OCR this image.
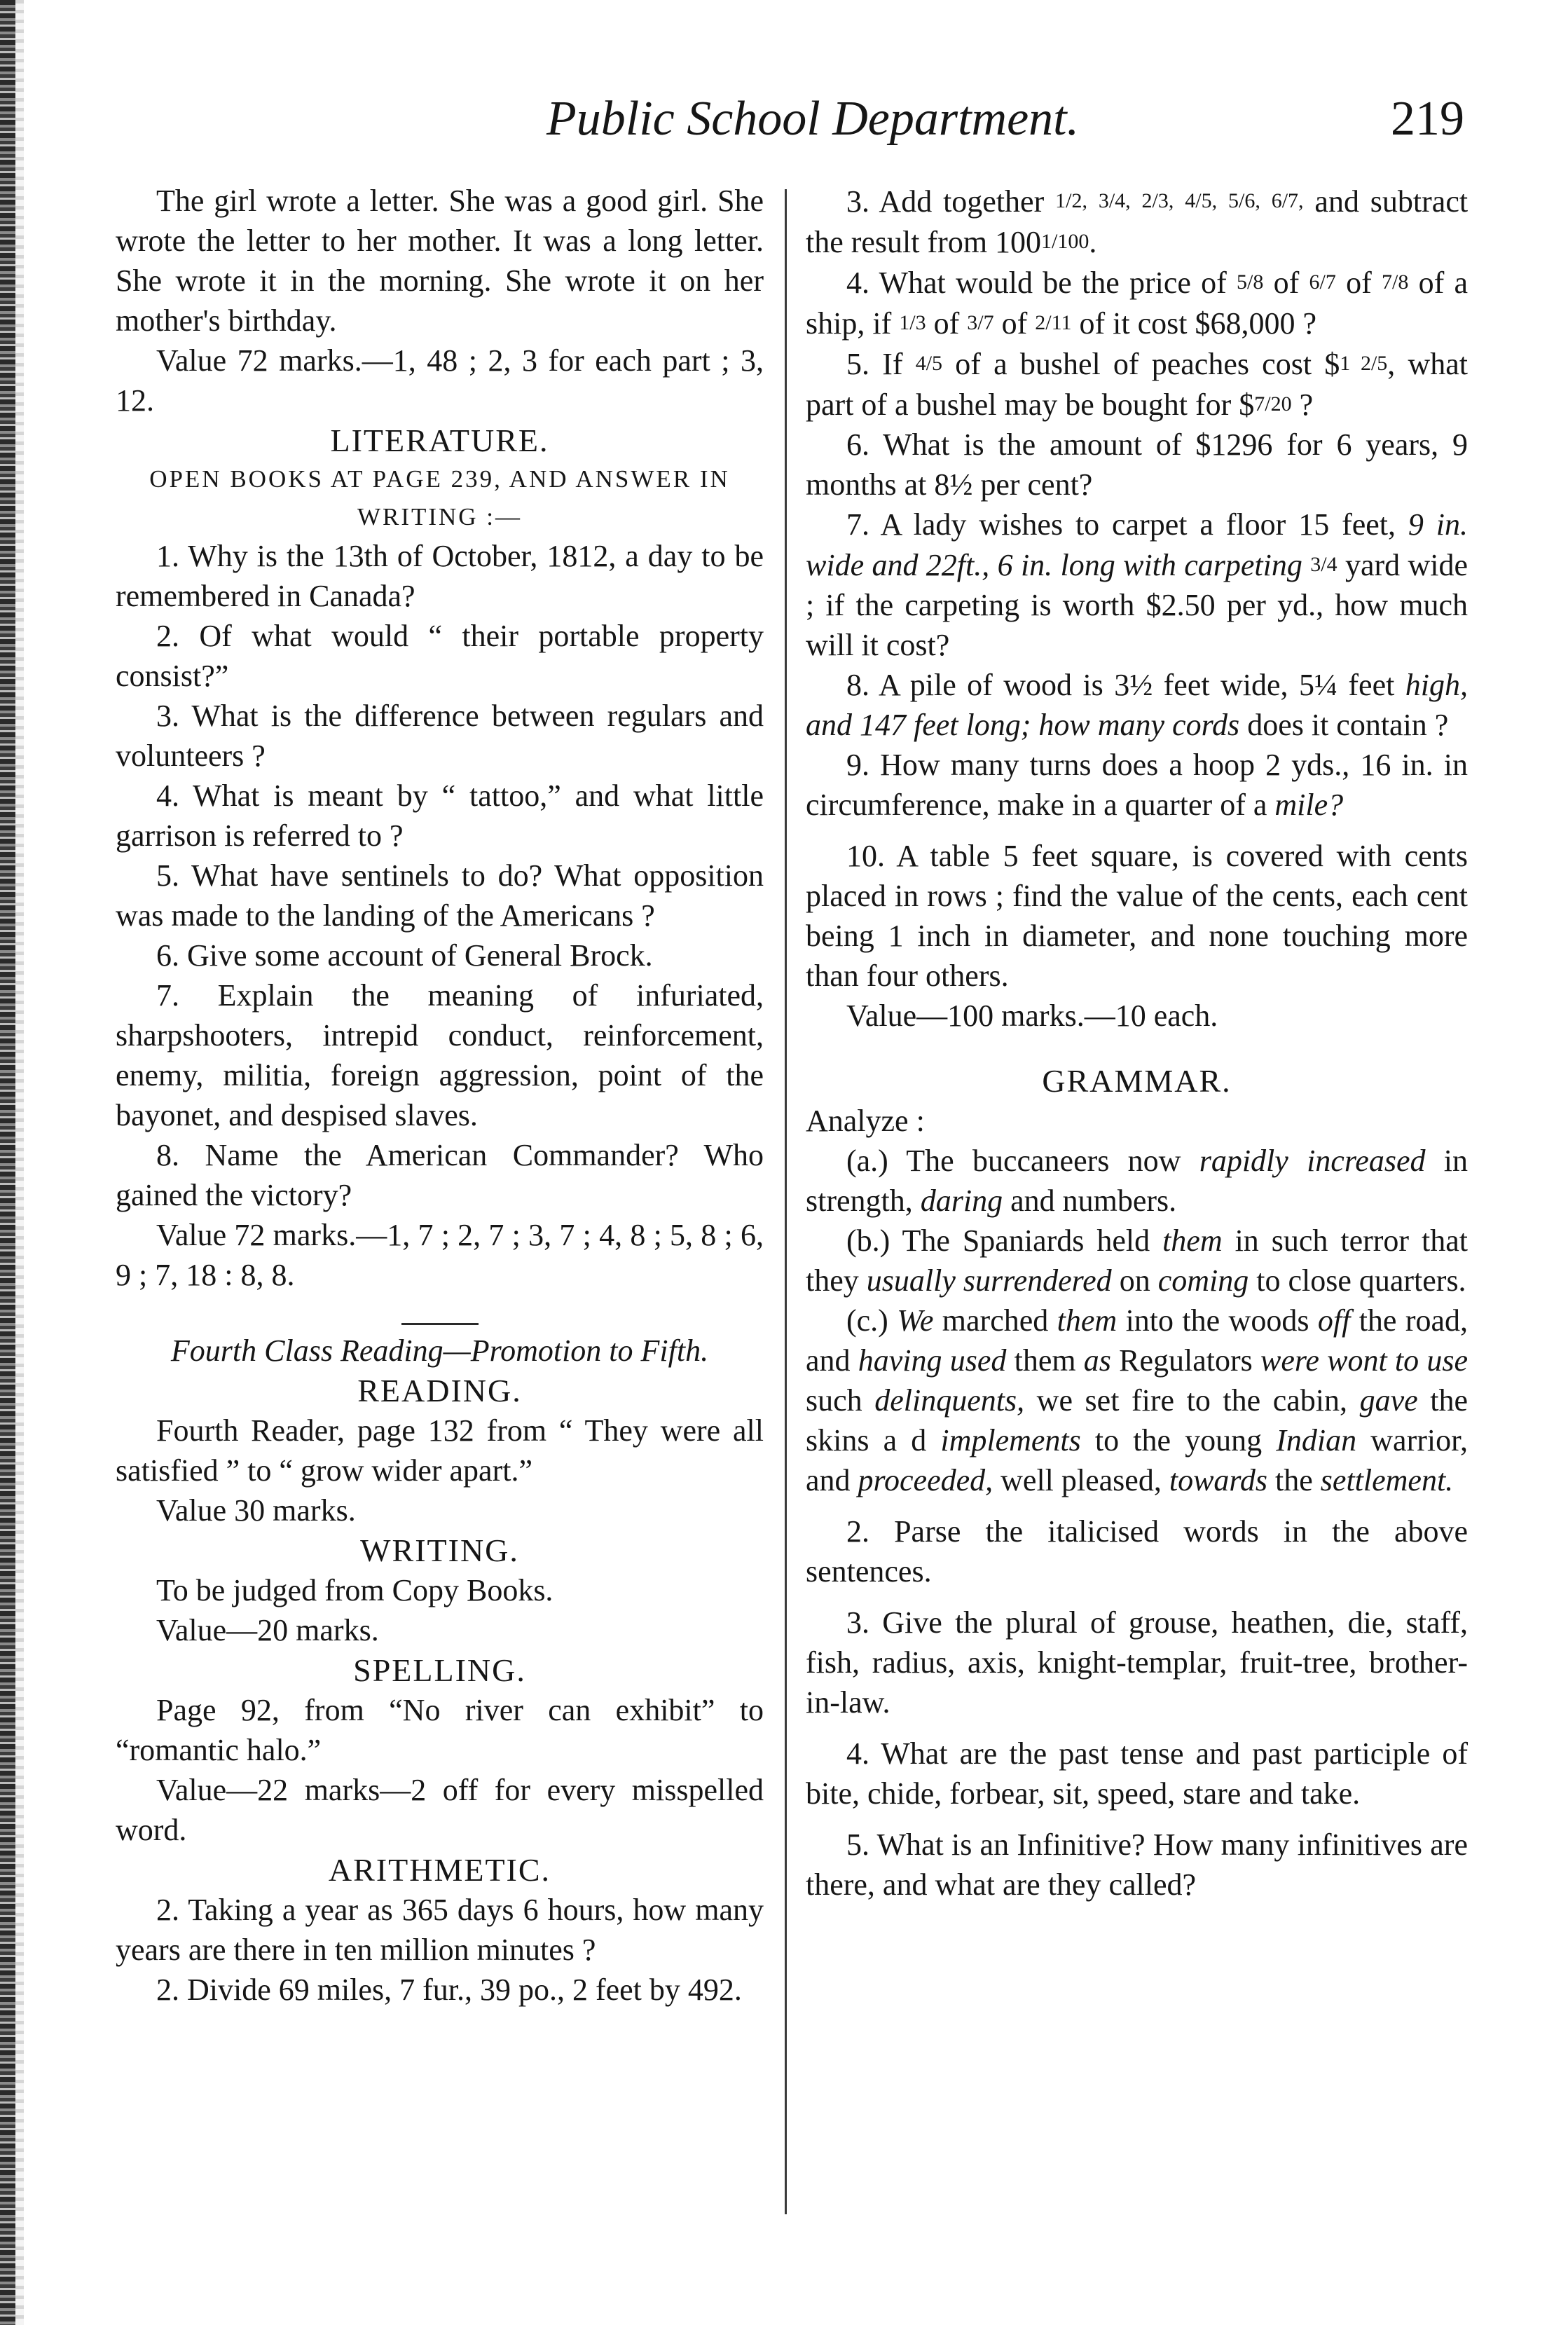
Public School Department.	219

The girl wrote a letter. She was a good girl. She wrote the letter to her mother. It was a long letter. She wrote it in the morning. She wrote it on her mother's birthday.

Value 72 marks.—1, 48 ; 2, 3 for each part ; 3, 12.

LITERATURE.

OPEN BOOKS AT PAGE 239, AND ANSWER IN WRITING :—

1. Why is the 13th of October, 1812, a day to be remembered in Canada?

2. Of what would “ their portable property consist?”

3. What is the difference between regulars and volunteers ?

4. What is meant by “ tattoo,” and what little garrison is referred to ?

5. What have sentinels to do? What opposition was made to the landing of the Americans ?

6. Give some account of General Brock.

7. Explain the meaning of infuriated, sharpshooters, intrepid conduct, reinforcement, enemy, militia, foreign aggression, point of the bayonet, and despised slaves.

8. Name the American Commander? Who gained the victory?

Value 72 marks.—1, 7 ; 2, 7 ; 3, 7 ; 4, 8 ; 5, 8 ; 6, 9 ; 7, 18 : 8, 8.

Fourth Class Reading—Promotion to Fifth.

READING.

Fourth Reader, page 132 from “ They were all satisfied ” to “ grow wider apart.”

Value 30 marks.

WRITING.

To be judged from Copy Books.

Value—20 marks.

SPELLING.

Page 92, from “No river can exhibit” to “romantic halo.”

Value—22 marks—2 off for every misspelled word.

ARITHMETIC.

2. Taking a year as 365 days 6 hours, how many years are there in ten million minutes ?

2. Divide 69 miles, 7 fur., 39 po., 2 feet by 492.

3. Add together 1/2, 3/4, 2/3, 4/5, 5/6, 6/7, and subtract the result from 1001/100.

4. What would be the price of 5/8 of 6/7 of 7/8 of a ship, if 1/3 of 3/7 of 2/11 of it cost $68,000 ?

5. If 4/5 of a bushel of peaches cost $1 2/5, what part of a bushel may be bought for $7/20 ?

6. What is the amount of $1296 for 6 years, 9 months at 8½ per cent?

7. A lady wishes to carpet a floor 15 feet, 9 in. wide and 22ft., 6 in. long with carpeting 3/4 yard wide ; if the carpeting is worth $2.50 per yd., how much will it cost?

8. A pile of wood is 3½ feet wide, 5¼ feet high, and 147 feet long; how many cords does it contain ?

9. How many turns does a hoop 2 yds., 16 in. in circumference, make in a quarter of a mile?

10. A table 5 feet square, is covered with cents placed in rows ; find the value of the cents, each cent being 1 inch in diameter, and none touching more than four others.

Value—100 marks.—10 each.

GRAMMAR.

Analyze :

(a.) The buccaneers now rapidly increased in strength, daring and numbers.

(b.) The Spaniards held them in such terror that they usually surrendered on coming to close quarters.

(c.) We marched them into the woods off the road, and having used them as Regulators were wont to use such delinquents, we set fire to the cabin, gave the skins a d implements to the young Indian warrior, and proceeded, well pleased, towards the settlement.

2. Parse the italicised words in the above sentences.

3. Give the plural of grouse, heathen, die, staff, fish, radius, axis, knight-templar, fruit-tree, brother-in-law.

4. What are the past tense and past participle of bite, chide, forbear, sit, speed, stare and take.

5. What is an Infinitive? How many infinitives are there, and what are they called?
